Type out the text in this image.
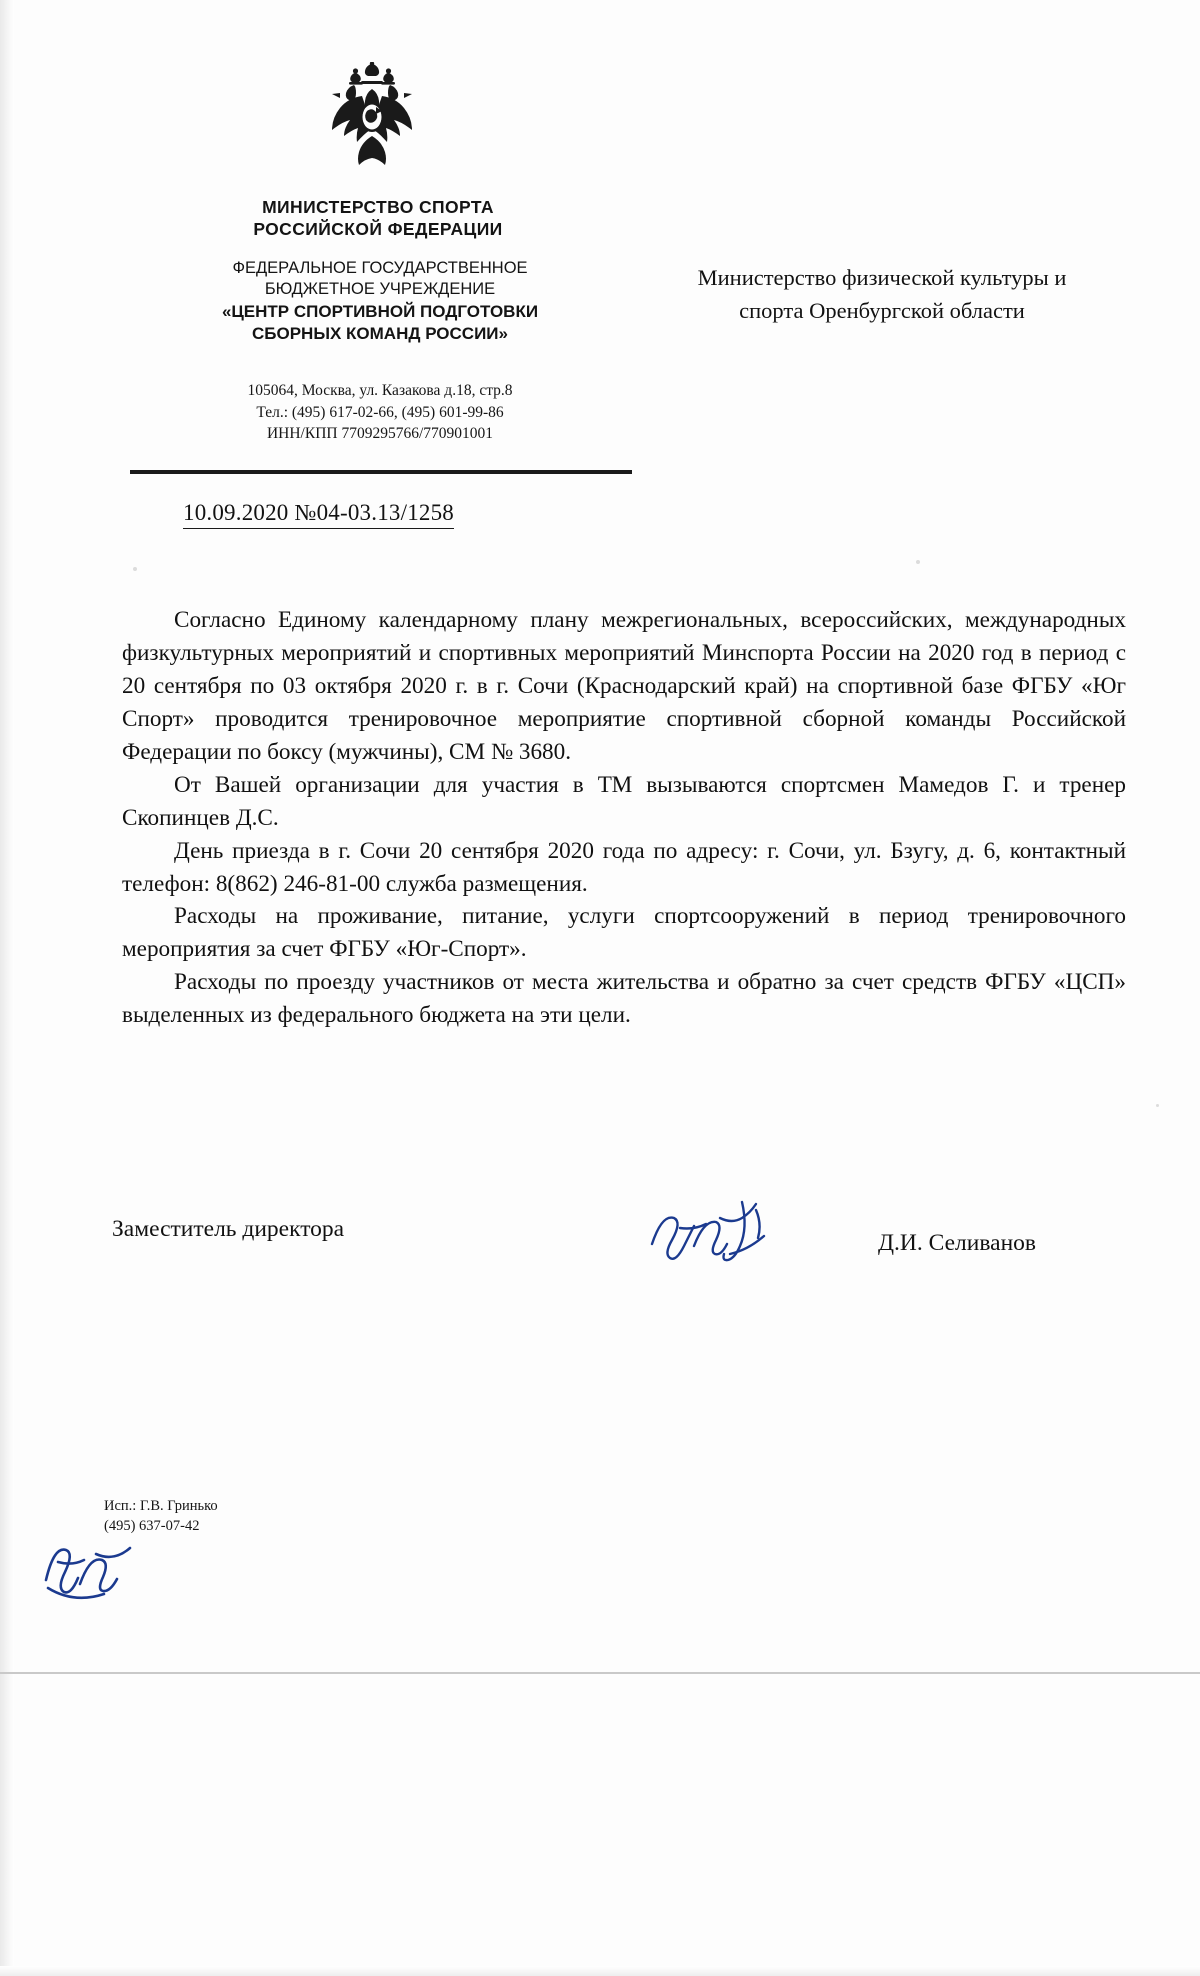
МИНИСТЕРСТВО СПОРТА
РОССИЙСКОЙ ФЕДЕРАЦИИ
ФЕДЕРАЛЬНОЕ ГОСУДАРСТВЕННОЕ
БЮДЖЕТНОЕ УЧРЕЖДЕНИЕ
«ЦЕНТР СПОРТИВНОЙ ПОДГОТОВКИ
СБОРНЫХ КОМАНД РОССИИ»
105064, Москва, ул. Казакова д.18, стр.8
Тел.: (495) 617-02-66, (495) 601-99-86
ИНН/КПП 7709295766/770901001
10.09.2020 №04-03.13/1258
Министерство физической культуры и
спорта Оренбургской области

Согласно Единому календарному плану межрегиональных, всероссийских, международных физкультурных мероприятий и спортивных мероприятий Минспорта России на 2020 год в период с 20 сентября по 03 октября 2020 г. в г. Сочи (Краснодарский край) на спортивной базе ФГБУ «Юг Спорт» проводится тренировочное мероприятие спортивной сборной команды Российской Федерации по боксу (мужчины), СМ № 3680.

От Вашей организации для участия в ТМ вызываются спортсмен Мамедов Г. и тренер Скопинцев Д.С.

День приезда в г. Сочи 20 сентября 2020 года по адресу: г. Сочи, ул. Бзугу, д. 6, контактный телефон: 8(862) 246-81-00 служба размещения.

Расходы на проживание, питание, услуги спортсооружений в период тренировочного мероприятия за счет ФГБУ «Юг-Спорт».

Расходы по проезду участников от места жительства и обратно за счет средств ФГБУ «ЦСП» выделенных из федерального бюджета на эти цели.

Заместитель директора
Д.И. Селиванов
Исп.: Г.В. Гринько
(495) 637-07-42
